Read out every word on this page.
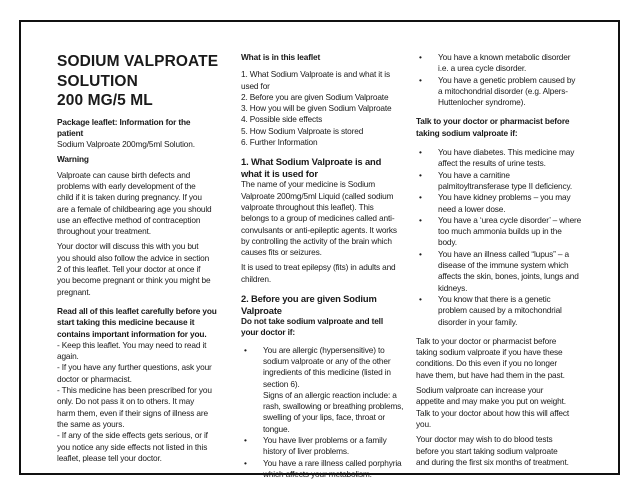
SODIUM VALPROATE
SOLUTION
200 MG/5 ML
Package leaflet: Information for the
patient
Sodium Valproate 200mg/5ml Solution.
Warning
Valproate can cause birth defects and
problems with early development of the
child if it is taken during pregnancy. If you
are a female of childbearing age you should
use an effective method of contraception
throughout your treatment.
Your doctor will discuss this with you but
you should also follow the advice in section
2 of this leaflet. Tell your doctor at once if
you become pregnant or think you might be
pregnant.
Read all of this leaflet carefully before you
start taking this medicine because it
contains important information for you.
- Keep this leaflet. You may need to read it
again.
- If you have any further questions, ask your
doctor or pharmacist.
- This medicine has been prescribed for you
only. Do not pass it on to others. It may
harm them, even if their signs of illness are
the same as yours.
- If any of the side effects gets serious, or if
you notice any side effects not listed in this
leaflet, please tell your doctor.
What is in this leaflet
1. What Sodium Valproate is and what it is
used for
2. Before you are given Sodium Valproate
3. How you will be given Sodium Valproate
4. Possible side effects
5. How Sodium Valproate is stored
6. Further Information
1. What Sodium Valproate is and
what it is used for
The name of your medicine is Sodium
Valproate 200mg/5ml Liquid (called sodium
valproate throughout this leaflet). This
belongs to a group of medicines called anti-
convulsants or anti-epileptic agents. It works
by controlling the activity of the brain which
causes fits or seizures.
It is used to treat epilepsy (fits) in adults and
children.
2. Before you are given Sodium
Valproate
Do not take sodium valproate and tell
your doctor if:
• You are allergic (hypersensitive) to
sodium valproate or any of the other
ingredients of this medicine (listed in
section 6).
Signs of an allergic reaction include: a
rash, swallowing or breathing problems,
swelling of your lips, face, throat or
tongue.
• You have liver problems or a family
history of liver problems.
• You have a rare illness called porphyria
which affects your metabolism.
• You have a known metabolic disorder
i.e. a urea cycle disorder.
• You have a genetic problem caused by
a mitochondrial disorder (e.g. Alpers-
Huttenlocher syndrome).
Talk to your doctor or pharmacist before
taking sodium valproate if:
• You have diabetes. This medicine may
affect the results of urine tests.
• You have a carnitine
palmitoyltransferase type II deficiency.
• You have kidney problems – you may
need a lower dose.
• You have a ‘urea cycle disorder’ – where
too much ammonia builds up in the
body.
• You have an illness called “lupus” – a
disease of the immune system which
affects the skin, bones, joints, lungs and
kidneys.
• You know that there is a genetic
problem caused by a mitochondrial
disorder in your family.
Talk to your doctor or pharmacist before
taking sodium valproate if you have these
conditions. Do this even if you no longer
have them, but have had them in the past.
Sodium valproate can increase your
appetite and may make you put on weight.
Talk to your doctor about how this will affect
you.
Your doctor may wish to do blood tests
before you start taking sodium valproate
and during the first six months of treatment.
